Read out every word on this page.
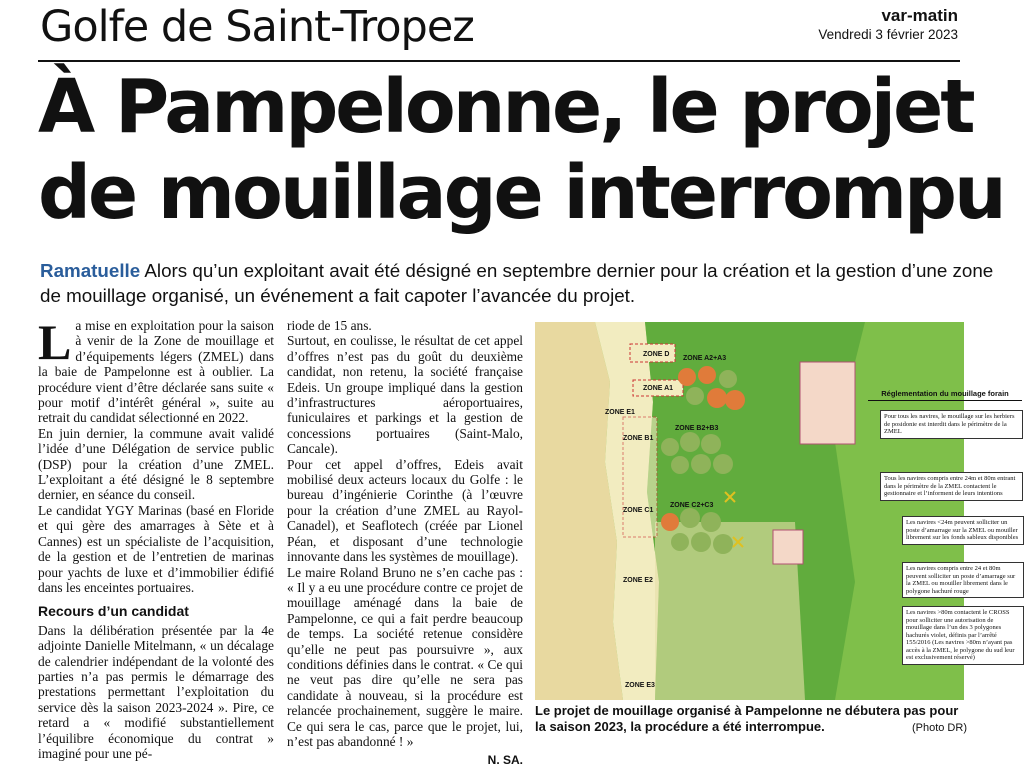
Golfe de Saint-Tropez	var-matin
Vendredi 3 février 2023
À Pampelonne, le projet
de mouillage interrompu

Ramatuelle Alors qu’un exploitant avait été désigné en septembre dernier pour la création et la gestion d’une zone de mouillage organisé, un événement a fait capoter l’avancée du projet.

La mise en exploitation pour la saison à venir de la Zone de mouillage et d’équipements légers (ZMEL) dans la baie de Pampelonne est à oublier. La procédure vient d’être déclarée sans suite « pour motif d’intérêt général », suite au retrait du candidat sélectionné en 2022.

En juin dernier, la commune avait validé l’idée d’une Délégation de service public (DSP) pour la création d’une ZMEL. L’exploitant a été désigné le 8 septembre dernier, en séance du conseil.

Le candidat YGY Marinas (basé en Floride et qui gère des amarrages à Sète et à Cannes) est un spécialiste de l’acquisition, de la gestion et de l’entretien de marinas pour yachts de luxe et d’immobilier édifié dans les enceintes portuaires.

Recours d’un candidat

Dans la délibération présentée par la 4e adjointe Danielle Mitelmann, « un décalage de calendrier indépendant de la volonté des parties n’a pas permis le démarrage des prestations permettant l’exploitation du service dès la saison 2023-2024 ». Pire, ce retard a « modifié substantiellement l’équilibre économique du contrat » imaginé pour une pé-

riode de 15 ans.

Surtout, en coulisse, le résultat de cet appel d’offres n’est pas du goût du deuxième candidat, non retenu, la société française Edeis. Un groupe impliqué dans la gestion d’infrastructures aéroportuaires, funiculaires et parkings et la gestion de concessions portuaires (Saint-Malo, Cancale).

Pour cet appel d’offres, Edeis avait mobilisé deux acteurs locaux du Golfe : le bureau d’ingénierie Corinthe (à l’œuvre pour la création d’une ZMEL au Rayol-Canadel), et Seaflotech (créée par Lionel Péan, et disposant d’une technologie innovante dans les systèmes de mouillage).

Le maire Roland Bruno ne s’en cache pas : « Il y a eu une procédure contre ce projet de mouillage aménagé dans la baie de Pampelonne, ce qui a fait perdre beaucoup de temps. La société retenue considère qu’elle ne peut pas poursuivre », aux conditions définies dans le contrat. « Ce qui ne veut pas dire qu’elle ne sera pas candidate à nouveau, si la procédure est relancée prochainement, suggère le maire. Ce qui sera le cas, parce que le projet, lui, n’est pas abandonné ! »

N. SA.

ZONE D
ZONE A1
ZONE A2+A3
ZONE E1
ZONE B1
ZONE B2+B3
ZONE C1
ZONE C2+C3
ZONE E2
ZONE E3
Réglementation du mouillage forain
Pour tous les navires, le mouillage sur les herbiers de posidonie est interdit dans le périmètre de la ZMEL
Tous les navires compris entre 24m et 80m entrant dans le périmètre de la ZMEL contactent le gestionnaire et l’informent de leurs intentions
Les navires <24m peuvent solliciter un poste d’amarrage sur la ZMEL ou mouiller librement sur les fonds sableux disponibles
Les navires compris entre 24 et 80m peuvent solliciter un poste d’amarrage sur la ZMEL ou mouiller librement dans le polygone hachuré rouge
Les navires >80m contactent le CROSS pour solliciter une autorisation de mouillage dans l’un des 3 polygones hachurés violet, définis par l’arrêté 155/2016 (Les navires >80m n’ayant pas accès à la ZMEL, le polygone du sud leur est exclusivement réservé)
Le projet de mouillage organisé à Pampelonne ne débutera pas pour la saison 2023, la procédure a été interrompue.	(Photo DR)
